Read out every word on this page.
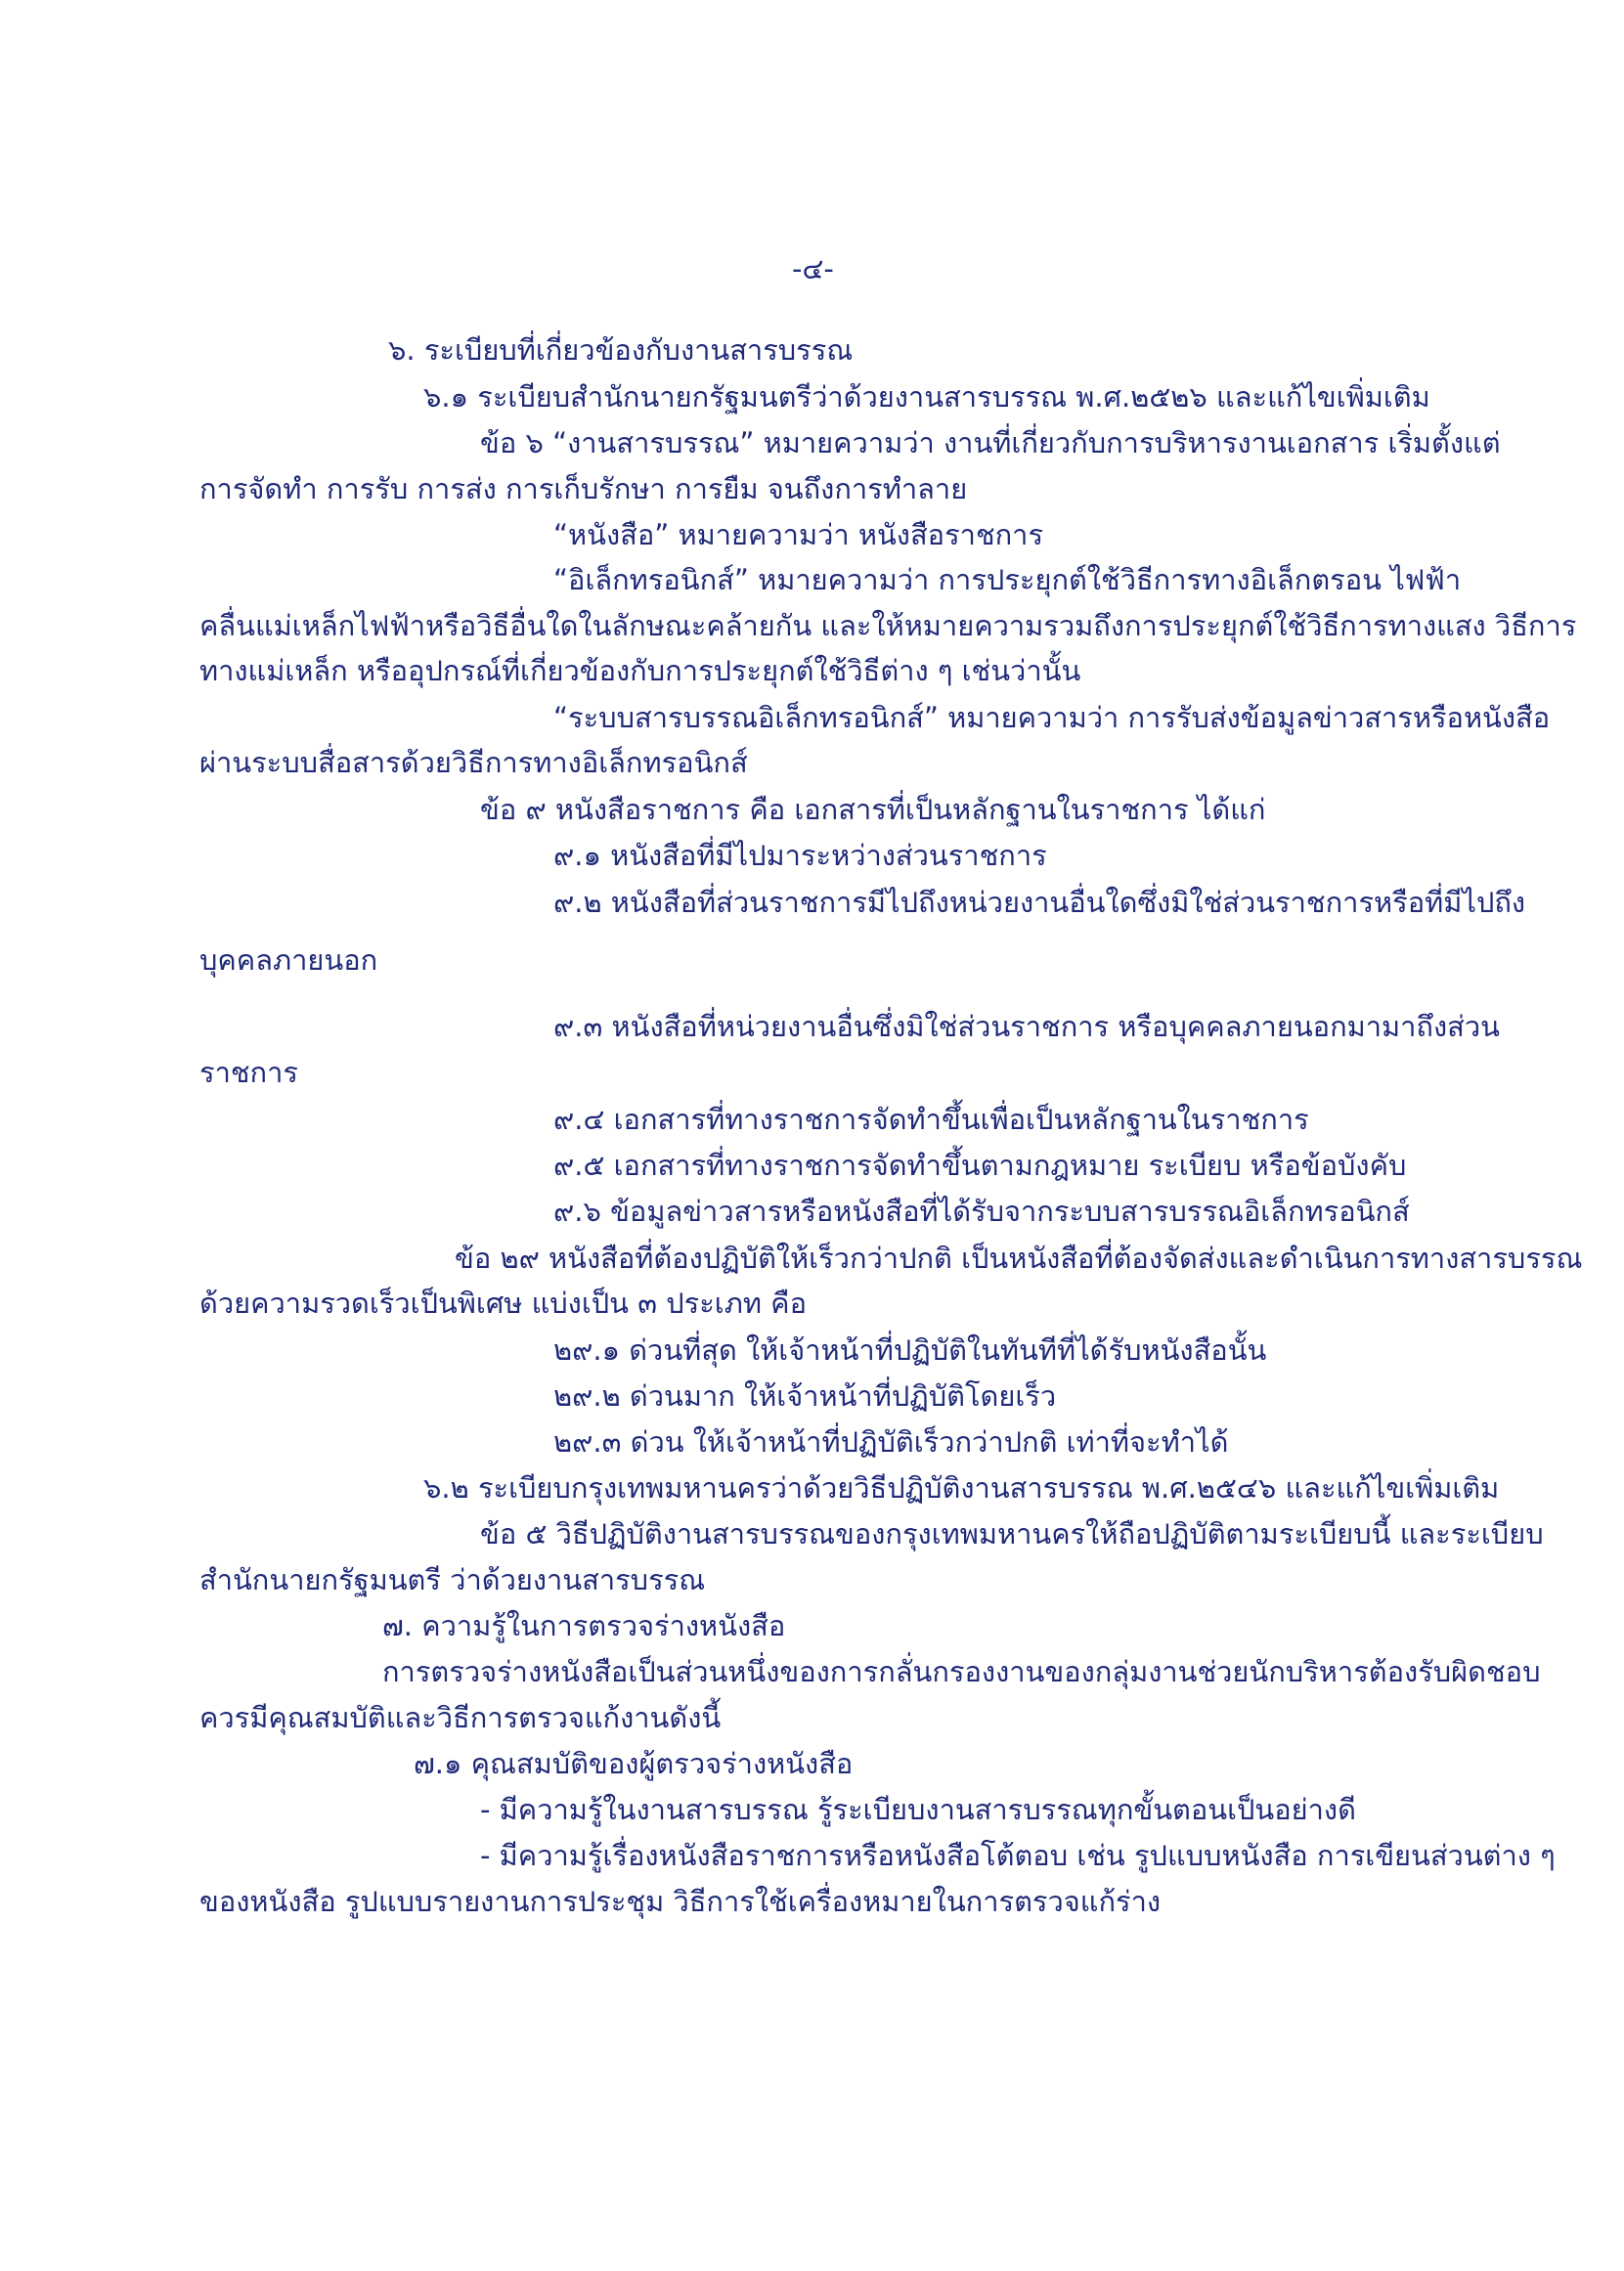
-๔-
๖. ระเบียบที่เกี่ยวข้องกับงานสารบรรณ
๖.๑ ระเบียบสำนักนายกรัฐมนตรีว่าด้วยงานสารบรรณ พ.ศ.๒๕๒๖ และแก้ไขเพิ่มเติม
ข้อ ๖ “งานสารบรรณ” หมายความว่า งานที่เกี่ยวกับการบริหารงานเอกสาร เริ่มตั้งแต่
การจัดทำ การรับ การส่ง การเก็บรักษา การยืม จนถึงการทำลาย
“หนังสือ” หมายความว่า หนังสือราชการ
“อิเล็กทรอนิกส์” หมายความว่า การประยุกต์ใช้วิธีการทางอิเล็กตรอน ไฟฟ้า
คลื่นแม่เหล็กไฟฟ้าหรือวิธีอื่นใดในลักษณะคล้ายกัน และให้หมายความรวมถึงการประยุกต์ใช้วิธีการทางแสง วิธีการ
ทางแม่เหล็ก หรืออุปกรณ์ที่เกี่ยวข้องกับการประยุกต์ใช้วิธีต่าง ๆ เช่นว่านั้น
“ระบบสารบรรณอิเล็กทรอนิกส์” หมายความว่า การรับส่งข้อมูลข่าวสารหรือหนังสือ
ผ่านระบบสื่อสารด้วยวิธีการทางอิเล็กทรอนิกส์
ข้อ ๙ หนังสือราชการ คือ เอกสารที่เป็นหลักฐานในราชการ ได้แก่
๙.๑ หนังสือที่มีไปมาระหว่างส่วนราชการ
๙.๒ หนังสือที่ส่วนราชการมีไปถึงหน่วยงานอื่นใดซึ่งมิใช่ส่วนราชการหรือที่มีไปถึง
บุคคลภายนอก
๙.๓ หนังสือที่หน่วยงานอื่นซึ่งมิใช่ส่วนราชการ หรือบุคคลภายนอกมามาถึงส่วน
ราชการ
๙.๔ เอกสารที่ทางราชการจัดทำขึ้นเพื่อเป็นหลักฐานในราชการ
๙.๕ เอกสารที่ทางราชการจัดทำขึ้นตามกฎหมาย ระเบียบ หรือข้อบังคับ
๙.๖ ข้อมูลข่าวสารหรือหนังสือที่ได้รับจากระบบสารบรรณอิเล็กทรอนิกส์
ข้อ ๒๙ หนังสือที่ต้องปฏิบัติให้เร็วกว่าปกติ เป็นหนังสือที่ต้องจัดส่งและดำเนินการทางสารบรรณ
ด้วยความรวดเร็วเป็นพิเศษ แบ่งเป็น ๓ ประเภท คือ
๒๙.๑ ด่วนที่สุด ให้เจ้าหน้าที่ปฏิบัติในทันทีที่ได้รับหนังสือนั้น
๒๙.๒ ด่วนมาก ให้เจ้าหน้าที่ปฏิบัติโดยเร็ว
๒๙.๓ ด่วน ให้เจ้าหน้าที่ปฏิบัติเร็วกว่าปกติ เท่าที่จะทำได้
๖.๒ ระเบียบกรุงเทพมหานครว่าด้วยวิธีปฏิบัติงานสารบรรณ พ.ศ.๒๕๔๖ และแก้ไขเพิ่มเติม
ข้อ ๕ วิธีปฏิบัติงานสารบรรณของกรุงเทพมหานครให้ถือปฏิบัติตามระเบียบนี้ และระเบียบ
สำนักนายกรัฐมนตรี ว่าด้วยงานสารบรรณ
๗. ความรู้ในการตรวจร่างหนังสือ
การตรวจร่างหนังสือเป็นส่วนหนึ่งของการกลั่นกรองงานของกลุ่มงานช่วยนักบริหารต้องรับผิดชอบ
ควรมีคุณสมบัติและวิธีการตรวจแก้งานดังนี้
๗.๑ คุณสมบัติของผู้ตรวจร่างหนังสือ
- มีความรู้ในงานสารบรรณ รู้ระเบียบงานสารบรรณทุกขั้นตอนเป็นอย่างดี
- มีความรู้เรื่องหนังสือราชการหรือหนังสือโต้ตอบ เช่น รูปแบบหนังสือ การเขียนส่วนต่าง ๆ
ของหนังสือ รูปแบบรายงานการประชุม วิธีการใช้เครื่องหมายในการตรวจแก้ร่าง
